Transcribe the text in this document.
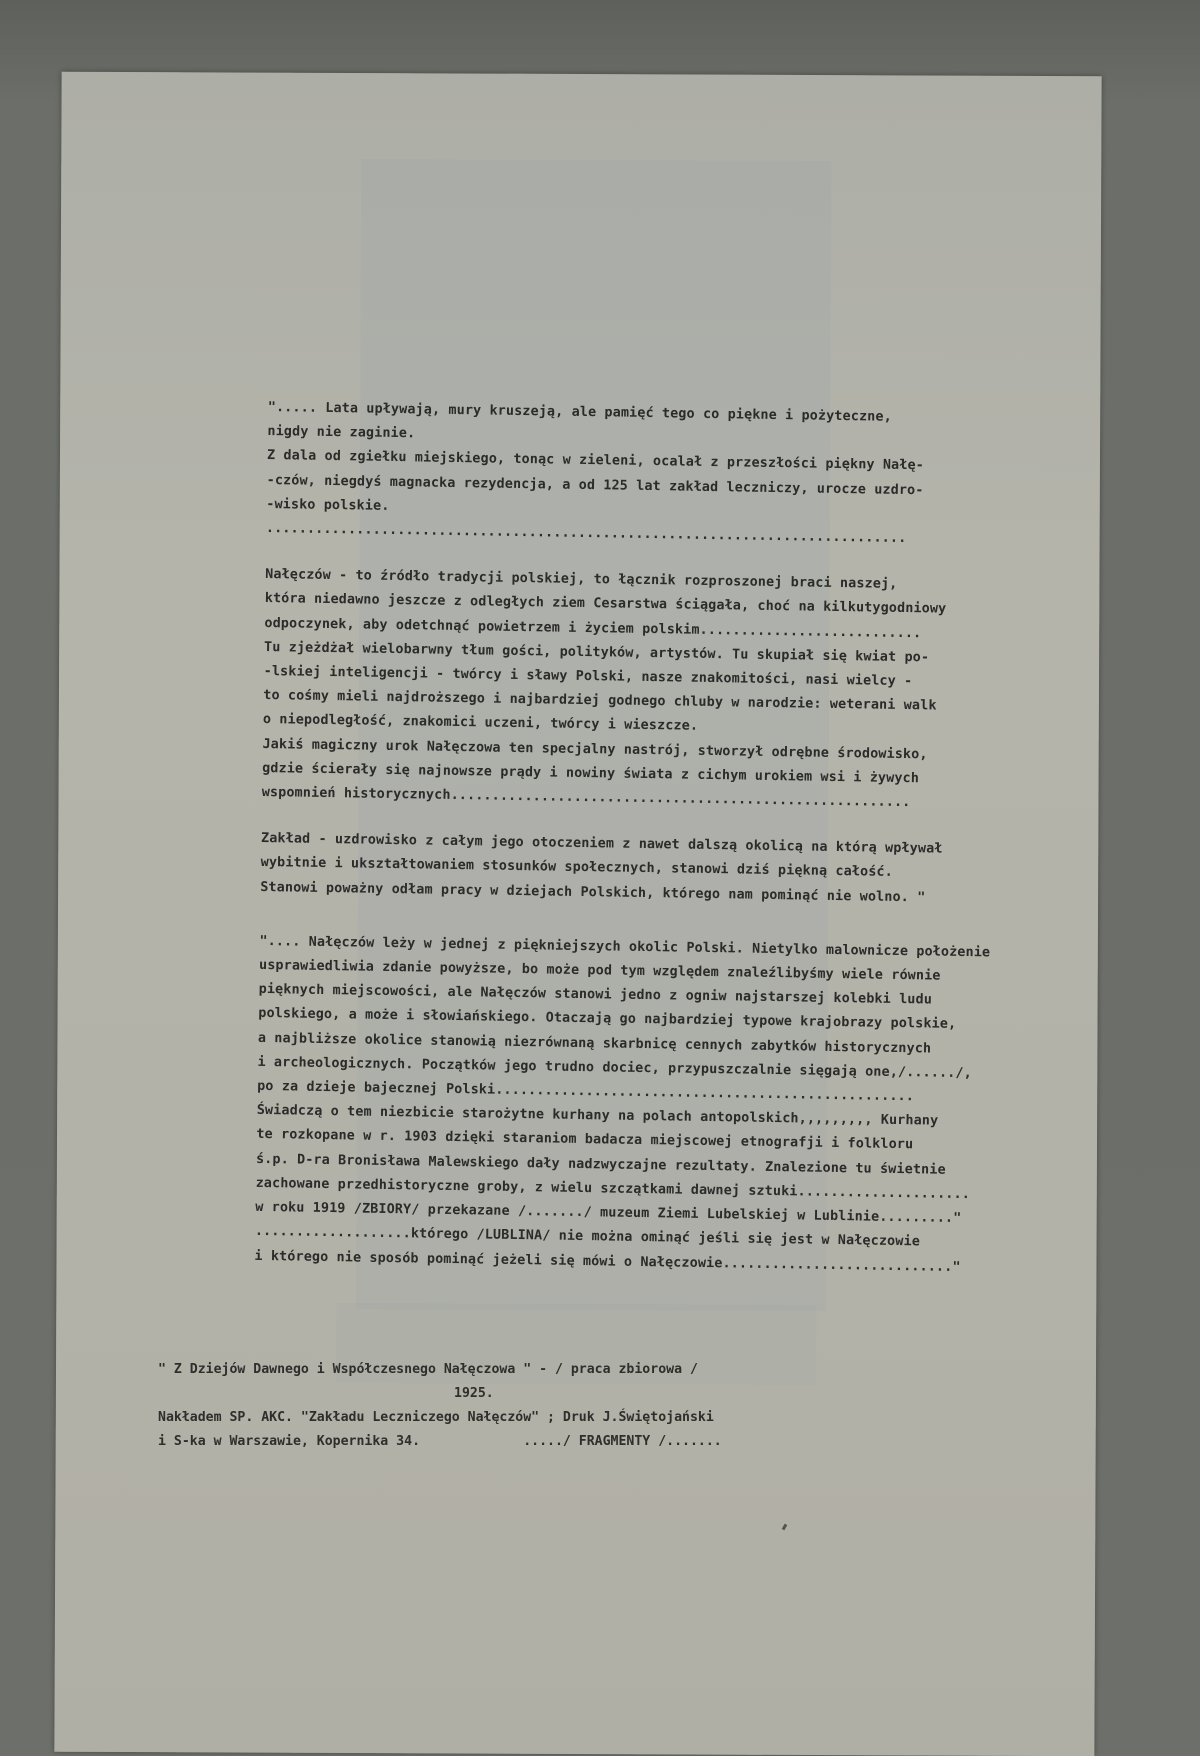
"..... Lata upływają, mury kruszeją, ale pamięć tego co piękne i pożyteczne,

nigdy nie zaginie.

Z dala od zgiełku miejskiego, tonąc w zieleni, ocalał z przeszłości piękny Nałę-

-czów, niegdyś magnacka rezydencja, a od 125 lat zakład leczniczy, urocze uzdro-

-wisko polskie.

..............................................................................

Nałęczów - to źródło tradycji polskiej, to łącznik rozproszonej braci naszej,

która niedawno jeszcze z odległych ziem Cesarstwa ściągała, choć na kilkutygodniowy

odpoczynek, aby odetchnąć powietrzem i życiem polskim...........................

Tu zjeżdżał wielobarwny tłum gości, polityków, artystów. Tu skupiał się kwiat po-

-lskiej inteligencji - twórcy i sławy Polski, nasze znakomitości, nasi wielcy -

to cośmy mieli najdroższego i najbardziej godnego chluby w narodzie: weterani walk

o niepodległość, znakomici uczeni, twórcy i wieszcze.

Jakiś magiczny urok Nałęczowa ten specjalny nastrój, stworzył odrębne środowisko,

gdzie ścierały się najnowsze prądy i nowiny świata z cichym urokiem wsi i żywych

wspomnień historycznych........................................................

Zakład - uzdrowisko z całym jego otoczeniem z nawet dalszą okolicą na którą wpływał

wybitnie i ukształtowaniem stosunków społecznych, stanowi dziś piękną całość.

Stanowi poważny odłam pracy w dziejach Polskich, którego nam pominąć nie wolno. "

".... Nałęczów leży w jednej z piękniejszych okolic Polski. Nietylko malownicze położenie

usprawiedliwia zdanie powyższe, bo może pod tym względem znaleźlibyśmy wiele równie

pięknych miejscowości, ale Nałęczów stanowi jedno z ogniw najstarszej kolebki ludu

polskiego, a może i słowiańskiego. Otaczają go najbardziej typowe krajobrazy polskie,

a najbliższe okolice stanowią niezrównaną skarbnicę cennych zabytków historycznych

i archeologicznych. Początków jego trudno dociec, przypuszczalnie sięgają one,/....../,

po za dzieje bajecznej Polski...................................................

Świadczą o tem niezbicie starożytne kurhany na polach antopolskich,,,,,,,,, Kurhany

te rozkopane w r. 1903 dzięki staraniom badacza miejscowej etnografji i folkloru

ś.p. D-ra Bronisława Malewskiego dały nadzwyczajne rezultaty. Znalezione tu świetnie

zachowane przedhistoryczne groby, z wielu szczątkami dawnej sztuki.....................

w roku 1919 /ZBIORY/ przekazane /......./ muzeum Ziemi Lubelskiej w Lublinie........."

...................którego /LUBLINA/ nie można ominąć jeśli się jest w Nałęczowie

i którego nie sposób pominąć jeżeli się mówi o Nałęczowie............................"

" Z Dziejów Dawnego i Współczesnego Nałęczowa " - / praca zbiorowa /

1925.

Nakładem SP. AKC. "Zakładu Leczniczego Nałęczów" ; Druk J.Świętojański

i S-ka w Warszawie, Kopernika 34.             ...../ FRAGMENTY /.......
